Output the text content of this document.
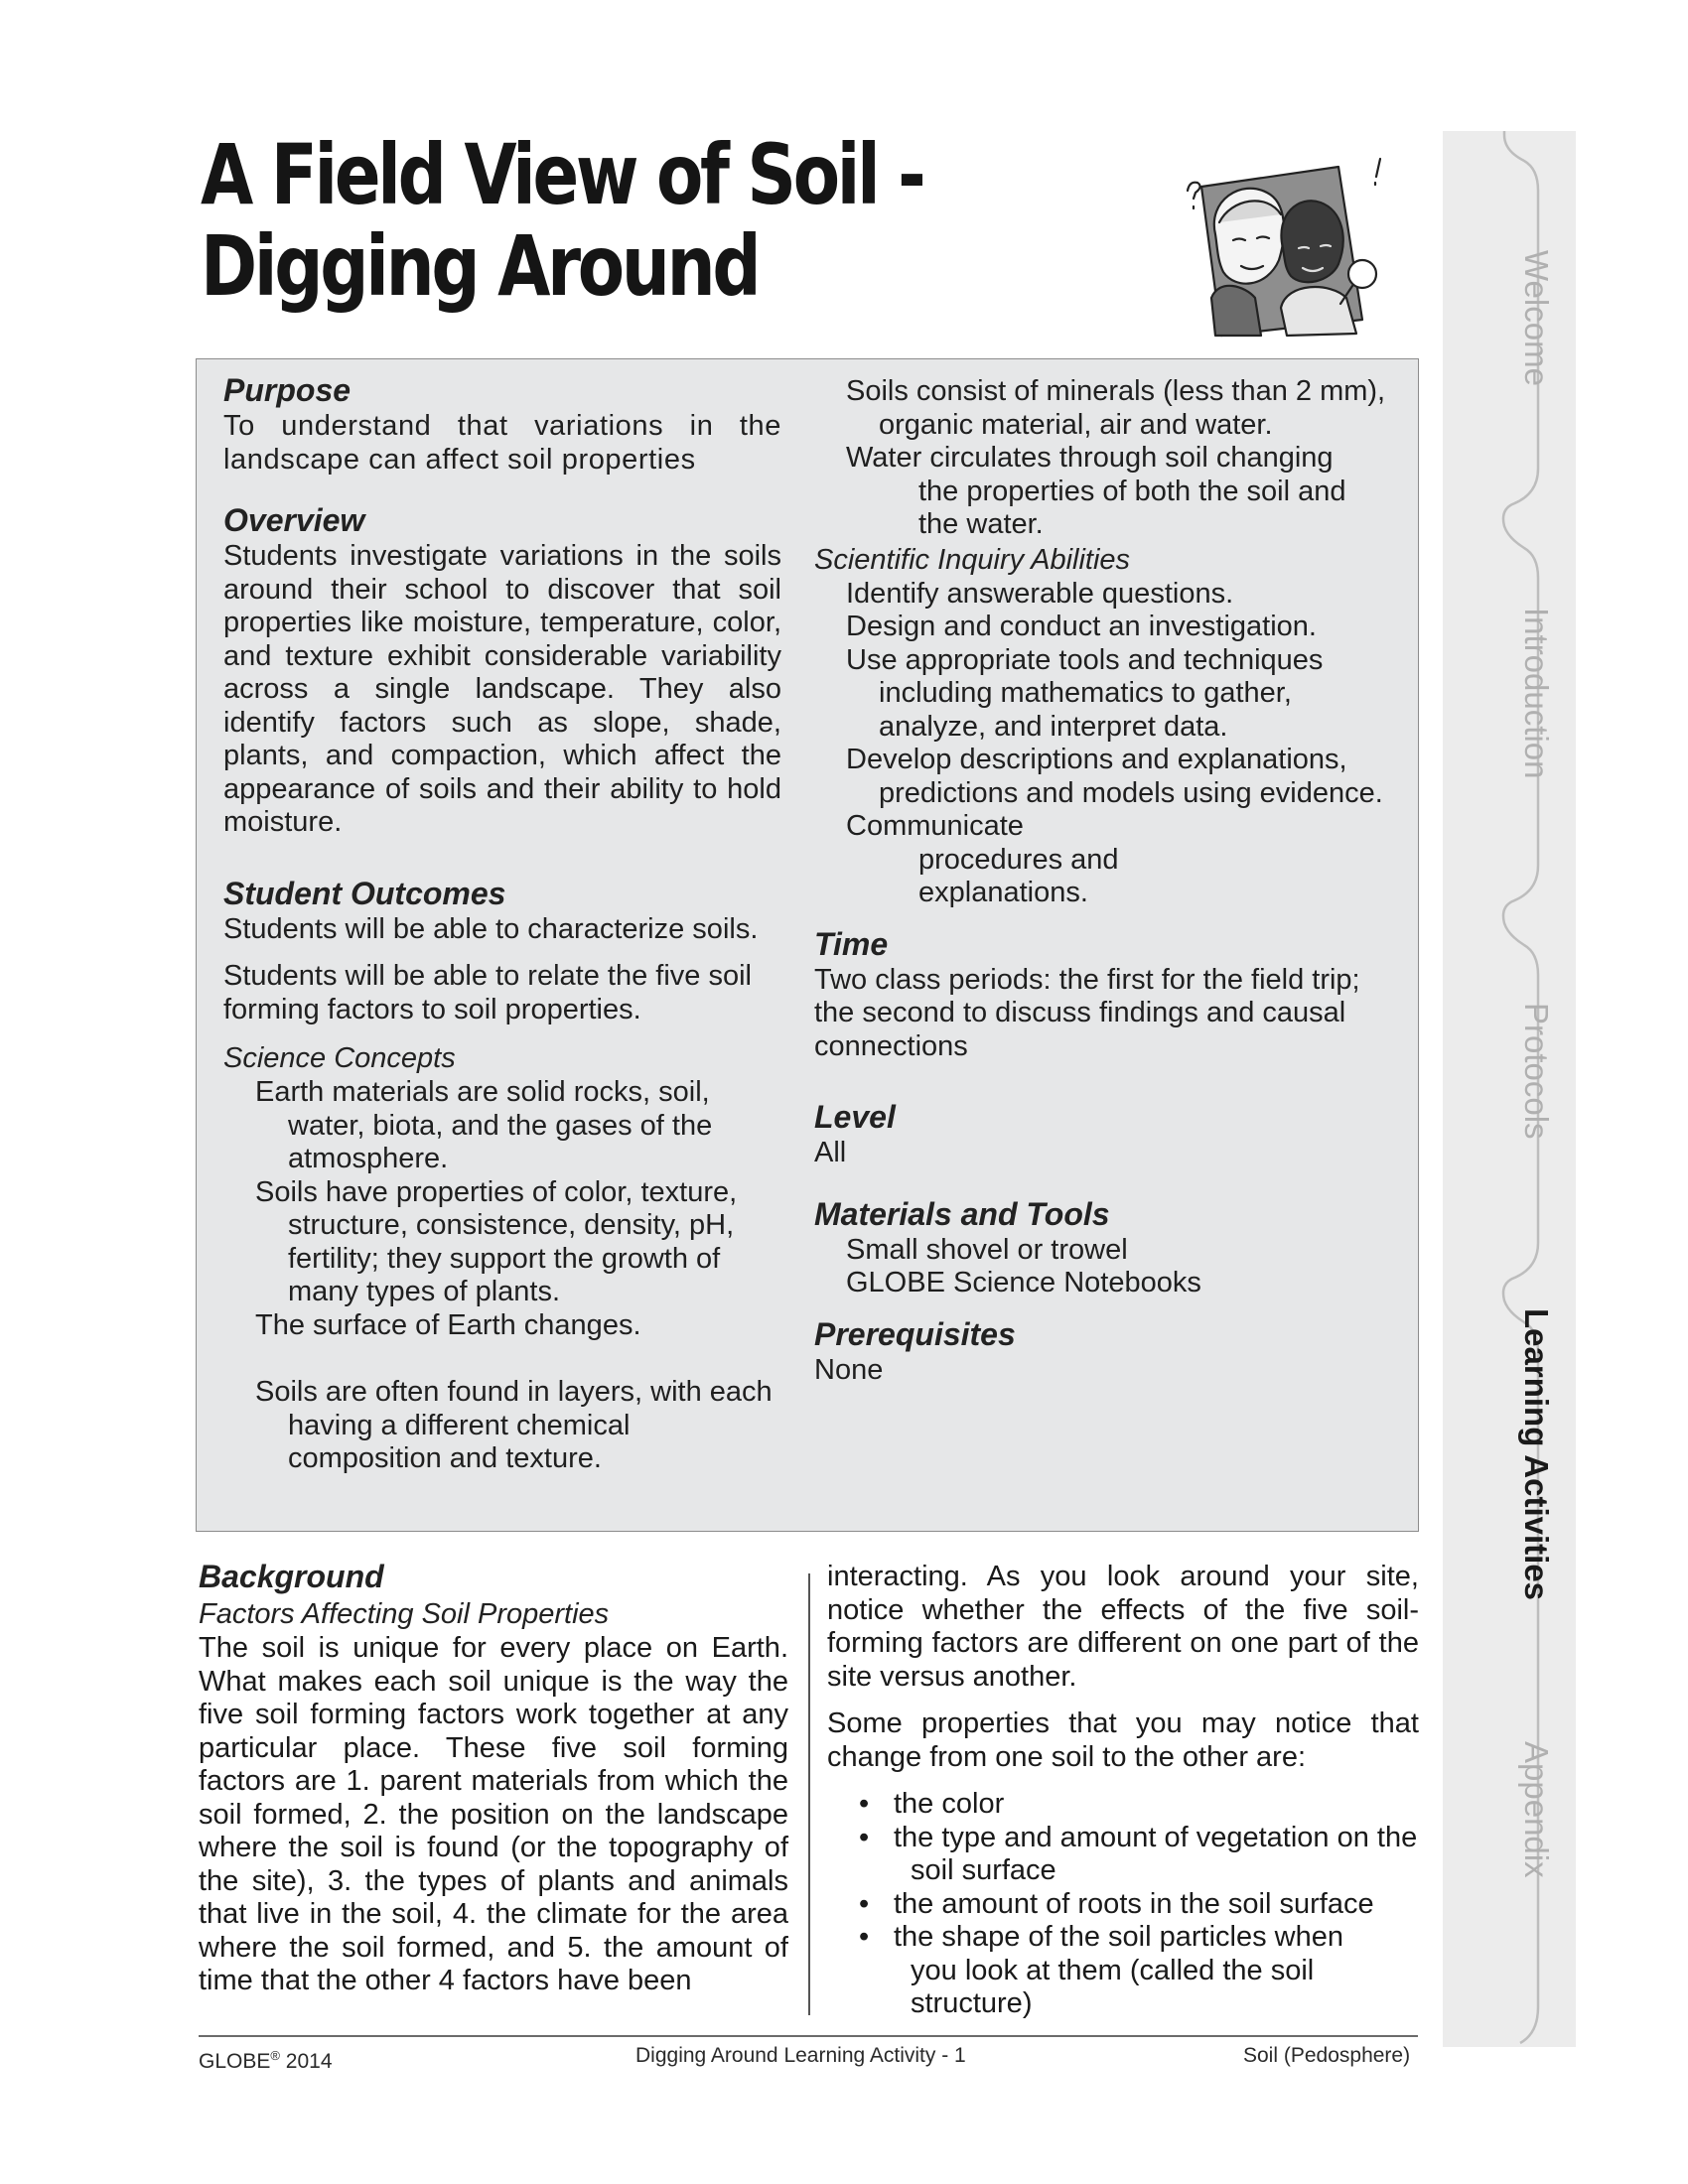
A Field View of Soil -
Digging Around
Purpose

To understand that variations in the landscape can affect soil properties

Overview

Students investigate variations in the soils around their school to discover that soil properties like moisture, temperature, color, and texture exhibit considerable variability across a single landscape. They also identify factors such as slope, shade, plants, and compaction, which affect the appearance of soils and their ability to hold moisture.

Student Outcomes

Students will be able to characterize soils.

Students will be able to relate the five soil forming factors to soil properties.

Science Concepts

Earth materials are solid rocks, soil, water, biota, and the gases of the atmosphere.

Soils have properties of color, texture, structure, consistence, density, pH, fertility; they support the growth of many types of plants.

The surface of Earth changes.

Soils are often found in layers, with each having a different chemical composition and texture.

Soils consist of minerals (less than 2 mm), organic material, air and water.

Water circulates through soil changing the properties of both the soil and the water.

Scientific Inquiry Abilities

Identify answerable questions.

Design and conduct an investigation.

Use appropriate tools and techniques including mathematics to gather, analyze, and interpret data.

Develop descriptions and explanations, predictions and models using evidence.

Communicate procedures and explanations.

Time

Two class periods: the first for the field trip; the second to discuss findings and causal connections

Level

All

Materials and Tools

Small shovel or trowel

GLOBE Science Notebooks

Prerequisites

None

Background
Factors Affecting Soil Properties

The soil is unique for every place on Earth. What makes each soil unique is the way the five soil forming factors work together at any particular place. These five soil forming factors are 1. parent materials from which the soil formed, 2. the position on the landscape where the soil is found (or the topography of the site), 3. the types of plants and animals that live in the soil, 4. the climate for the area where the soil formed, and 5. the amount of time that the other 4 factors have been

interacting. As you look around your site, notice whether the effects of the five soil-forming factors are different on one part of the site versus another.

Some properties that you may notice that change from one soil to the other are:

• the color
• the type and amount of vegetation on the soil surface
• the amount of roots in the soil surface
• the shape of the soil particles when you look at them (called the soil structure)
GLOBE® 2014	Digging Around Learning Activity - 1	Soil (Pedosphere)
Welcome
Introduction
Protocols
Appendix
Learning Activities
